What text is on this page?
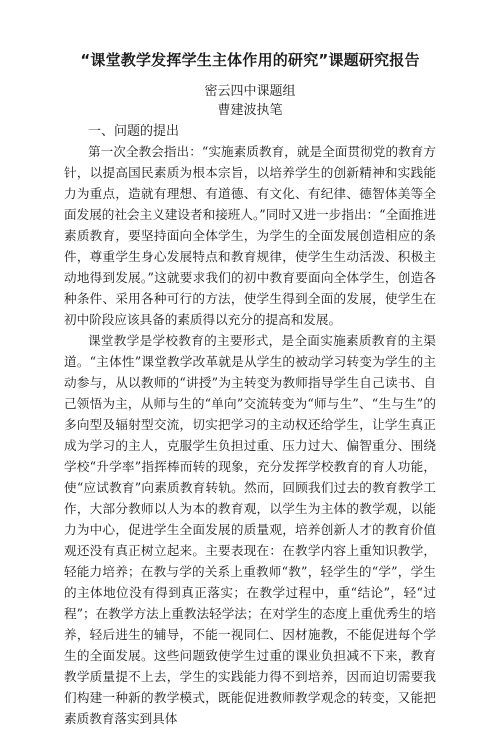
“课堂教学发挥学生主体作用的研究”课题研究报告
密云四中课题组
曹建波执笔
一、问题的提出

第一次全教会指出：“实施素质教育，就是全面贯彻党的教育方针，以提高国民素质为根本宗旨，以培养学生的创新精神和实践能力为重点，造就有理想、有道德、有文化、有纪律、德智体美等全面发展的社会主义建设者和接班人。”同时又进一步指出：“全面推进素质教育，要坚持面向全体学生，为学生的全面发展创造相应的条件，尊重学生身心发展特点和教育规律，使学生生动活泼、积极主动地得到发展。”这就要求我们的初中教育要面向全体学生，创造各种条件、采用各种可行的方法，使学生得到全面的发展，使学生在初中阶段应该具备的素质得以充分的提高和发展。

课堂教学是学校教育的主要形式，是全面实施素质教育的主渠道。“主体性”课堂教学改革就是从学生的被动学习转变为学生的主动参与，从以教师的“讲授”为主转变为教师指导学生自己读书、自己领悟为主，从师与生的“单向”交流转变为“师与生”、“生与生”的多向型及辐射型交流，切实把学习的主动权还给学生，让学生真正成为学习的主人，克服学生负担过重、压力过大、偏智重分、围绕学校“升学率”指挥棒而转的现象，充分发挥学校教育的育人功能，使“应试教育”向素质教育转轨。然而，回顾我们过去的教育教学工作，大部分教师以人为本的教育观，以学生为主体的教学观，以能力为中心，促进学生全面发展的质量观，培养创新人才的教育价值观还没有真正树立起来。主要表现在：在教学内容上重知识教学，轻能力培养；在教与学的关系上重教师“教”，轻学生的“学”，学生的主体地位没有得到真正落实；在教学过程中，重“结论”，轻“过程”；在教学方法上重教法轻学法；在对学生的态度上重优秀生的培养，轻后进生的辅导，不能一视同仁、因材施教，不能促进每个学生的全面发展。这些问题致使学生过重的课业负担减不下来，教育教学质量提不上去，学生的实践能力得不到培养，因而迫切需要我们构建一种新的教学模式，既能促进教师教学观念的转变，又能把素质教育落实到具体
